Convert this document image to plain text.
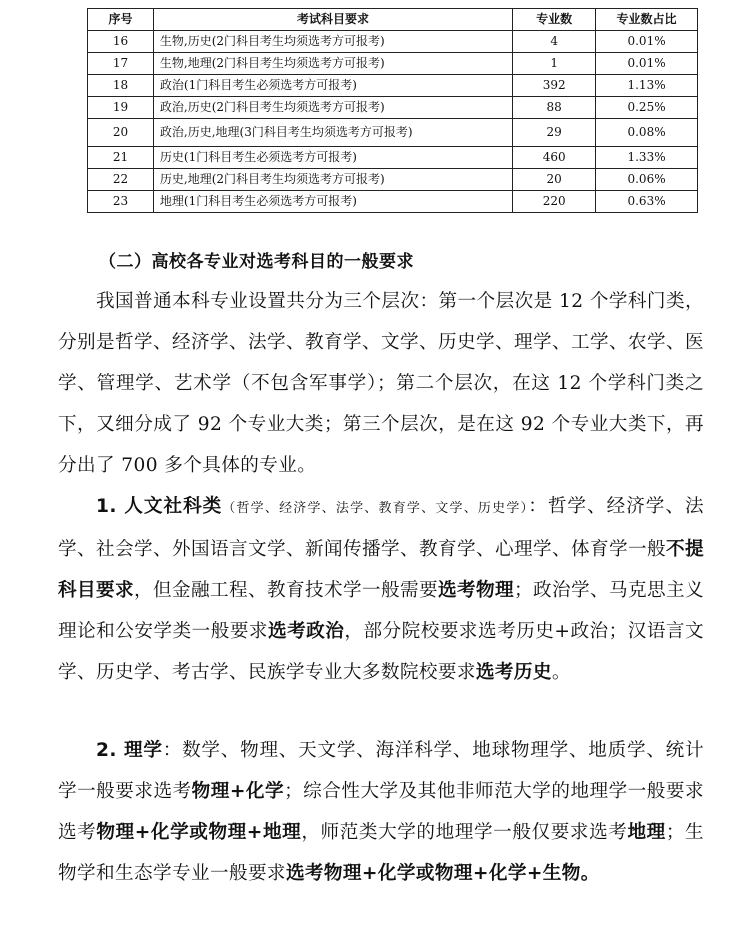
序号	考试科目要求	专业数	专业数占比
16	生物,历史(2门科目考生均须选考方可报考)	4	0.01%
17	生物,地理(2门科目考生均须选考方可报考)	1	0.01%
18	政治(1门科目考生必须选考方可报考)	392	1.13%
19	政治,历史(2门科目考生均须选考方可报考)	88	0.25%
20	政治,历史,地理(3门科目考生均须选考方可报考)	29	0.08%
21	历史(1门科目考生必须选考方可报考)	460	1.33%
22	历史,地理(2门科目考生均须选考方可报考)	20	0.06%
23	地理(1门科目考生必须选考方可报考)	220	0.63%
（二）高校各专业对选考科目的一般要求

我国普通本科专业设置共分为三个层次：第一个层次是 12 个学科门类，分别是哲学、经济学、法学、教育学、文学、历史学、理学、工学、农学、医学、管理学、艺术学（不包含军事学）；第二个层次，在这 12 个学科门类之下，又细分成了 92 个专业大类；第三个层次，是在这 92 个专业大类下，再分出了 700 多个具体的专业。

1. 人文社科类（哲学、经济学、法学、教育学、文学、历史学）：哲学、经济学、法学、社会学、外国语言文学、新闻传播学、教育学、心理学、体育学一般不提科目要求，但金融工程、教育技术学一般需要选考物理；政治学、马克思主义理论和公安学类一般要求选考政治，部分院校要求选考历史+政治；汉语言文学、历史学、考古学、民族学专业大多数院校要求选考历史。

2. 理学：数学、物理、天文学、海洋科学、地球物理学、地质学、统计学一般要求选考物理+化学；综合性大学及其他非师范大学的地理学一般要求选考物理+化学或物理+地理，师范类大学的地理学一般仅要求选考地理；生物学和生态学专业一般要求选考物理+化学或物理+化学+生物。
